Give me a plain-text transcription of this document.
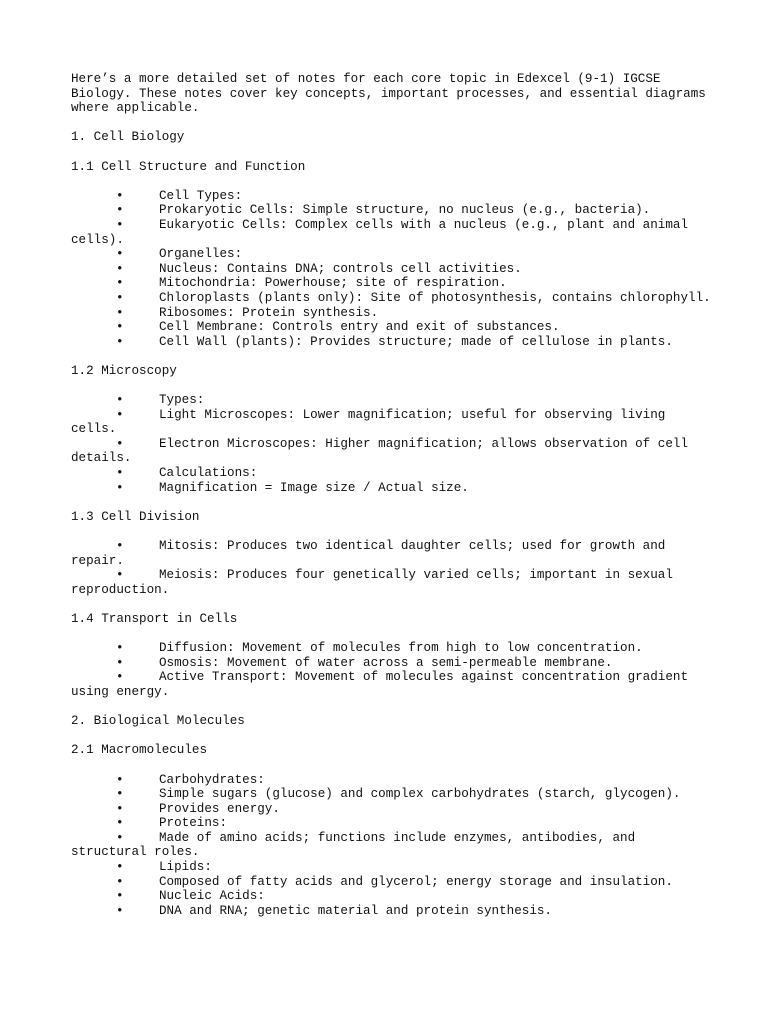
Here’s a more detailed set of notes for each core topic in Edexcel (9-1) IGCSE Biology. These notes cover key concepts, important processes, and essential diagrams where applicable.

1. Cell Biology
1.1 Cell Structure and Function
•	Cell Types:
•	Prokaryotic Cells: Simple structure, no nucleus (e.g., bacteria).
•	Eukaryotic Cells: Complex cells with a nucleus (e.g., plant and animal cells).
•	Organelles:
•	Nucleus: Contains DNA; controls cell activities.
•	Mitochondria: Powerhouse; site of respiration.
•	Chloroplasts (plants only): Site of photosynthesis, contains chlorophyll.
•	Ribosomes: Protein synthesis.
•	Cell Membrane: Controls entry and exit of substances.
•	Cell Wall (plants): Provides structure; made of cellulose in plants.
1.2 Microscopy
•	Types:
•	Light Microscopes: Lower magnification; useful for observing living cells.
•	Electron Microscopes: Higher magnification; allows observation of cell details.
•	Calculations:
•	Magnification = Image size / Actual size.
1.3 Cell Division
•	Mitosis: Produces two identical daughter cells; used for growth and repair.
•	Meiosis: Produces four genetically varied cells; important in sexual reproduction.
1.4 Transport in Cells
•	Diffusion: Movement of molecules from high to low concentration.
•	Osmosis: Movement of water across a semi-permeable membrane.
•	Active Transport: Movement of molecules against concentration gradient using energy.
2. Biological Molecules
2.1 Macromolecules
•	Carbohydrates:
•	Simple sugars (glucose) and complex carbohydrates (starch, glycogen).
•	Provides energy.
•	Proteins:
•	Made of amino acids; functions include enzymes, antibodies, and structural roles.
•	Lipids:
•	Composed of fatty acids and glycerol; energy storage and insulation.
•	Nucleic Acids:
•	DNA and RNA; genetic material and protein synthesis.
